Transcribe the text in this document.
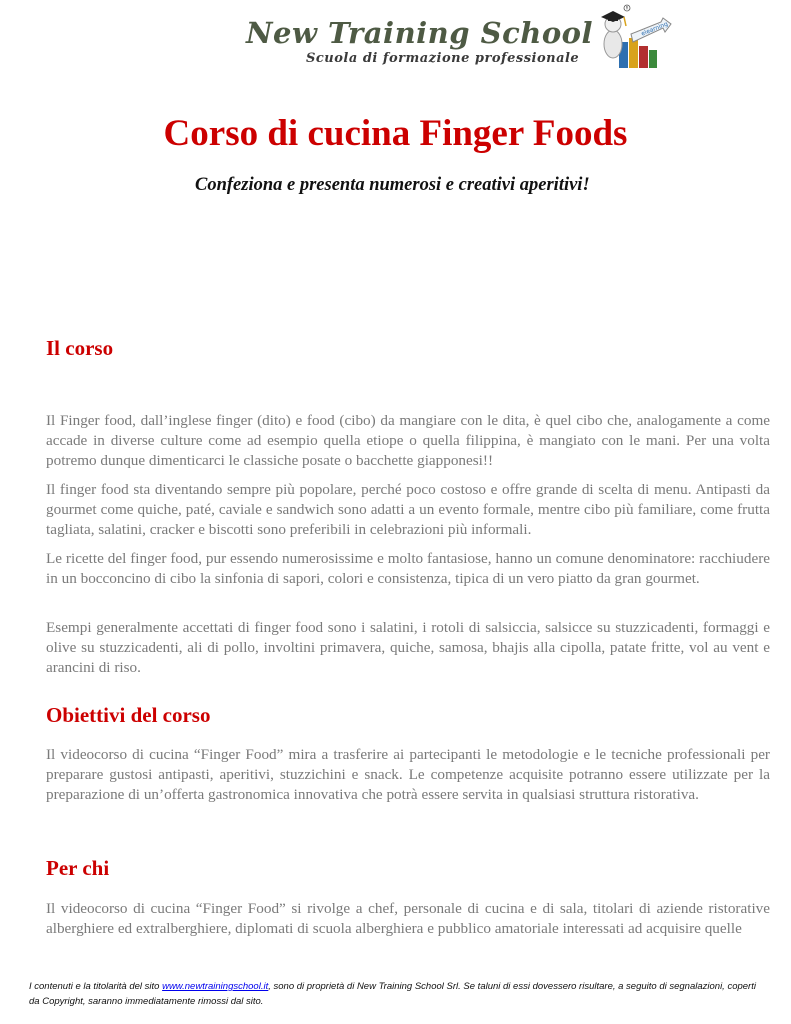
New Training School
Scuola di formazione professionale
elearning
R
Corso di cucina Finger Foods

Confeziona e presenta numerosi e creativi aperitivi!

Il corso

Il Finger food, dall’inglese finger (dito) e food (cibo) da mangiare con le dita, è quel cibo che, analogamente a come accade in diverse culture come ad esempio quella etiope o quella filippina, è mangiato con le mani. Per una volta potremo dunque dimenticarci le classiche posate o bacchette giapponesi!!

Il finger food sta diventando sempre più popolare, perché poco costoso e offre grande di scelta di menu. Antipasti da gourmet come quiche, paté, caviale e sandwich sono adatti a un evento formale, mentre cibo più familiare, come frutta tagliata, salatini, cracker e biscotti sono preferibili in celebrazioni più informali.

Le ricette del finger food, pur essendo numerosissime e molto fantasiose, hanno un comune denominatore: racchiudere in un bocconcino di cibo la sinfonia di sapori, colori e consistenza, tipica di un vero piatto da gran gourmet.

Esempi generalmente accettati di finger food sono i salatini, i rotoli di salsiccia, salsicce su stuzzicadenti, formaggi e olive su stuzzicadenti, ali di pollo, involtini primavera, quiche, samosa, bhajis alla cipolla, patate fritte, vol au vent e arancini di riso.

Obiettivi del corso

Il videocorso di cucina “Finger Food” mira a trasferire ai partecipanti le metodologie e le tecniche professionali per preparare gustosi antipasti, aperitivi, stuzzichini e snack. Le competenze acquisite potranno essere utilizzate per la preparazione di un’offerta gastronomica innovativa che potrà essere servita in qualsiasi struttura ristorativa.

Per chi

Il videocorso di cucina “Finger Food” si rivolge a chef, personale di cucina e di sala, titolari di aziende ristorative alberghiere ed extralberghiere, diplomati di scuola alberghiera e pubblico amatoriale interessati ad acquisire quelle

I contenuti e la titolarità del sito www.newtrainingschool.it, sono di proprietà di New Training School Srl. Se taluni di essi dovessero risultare, a seguito di segnalazioni, coperti da Copyright, saranno immediatamente rimossi dal sito.
